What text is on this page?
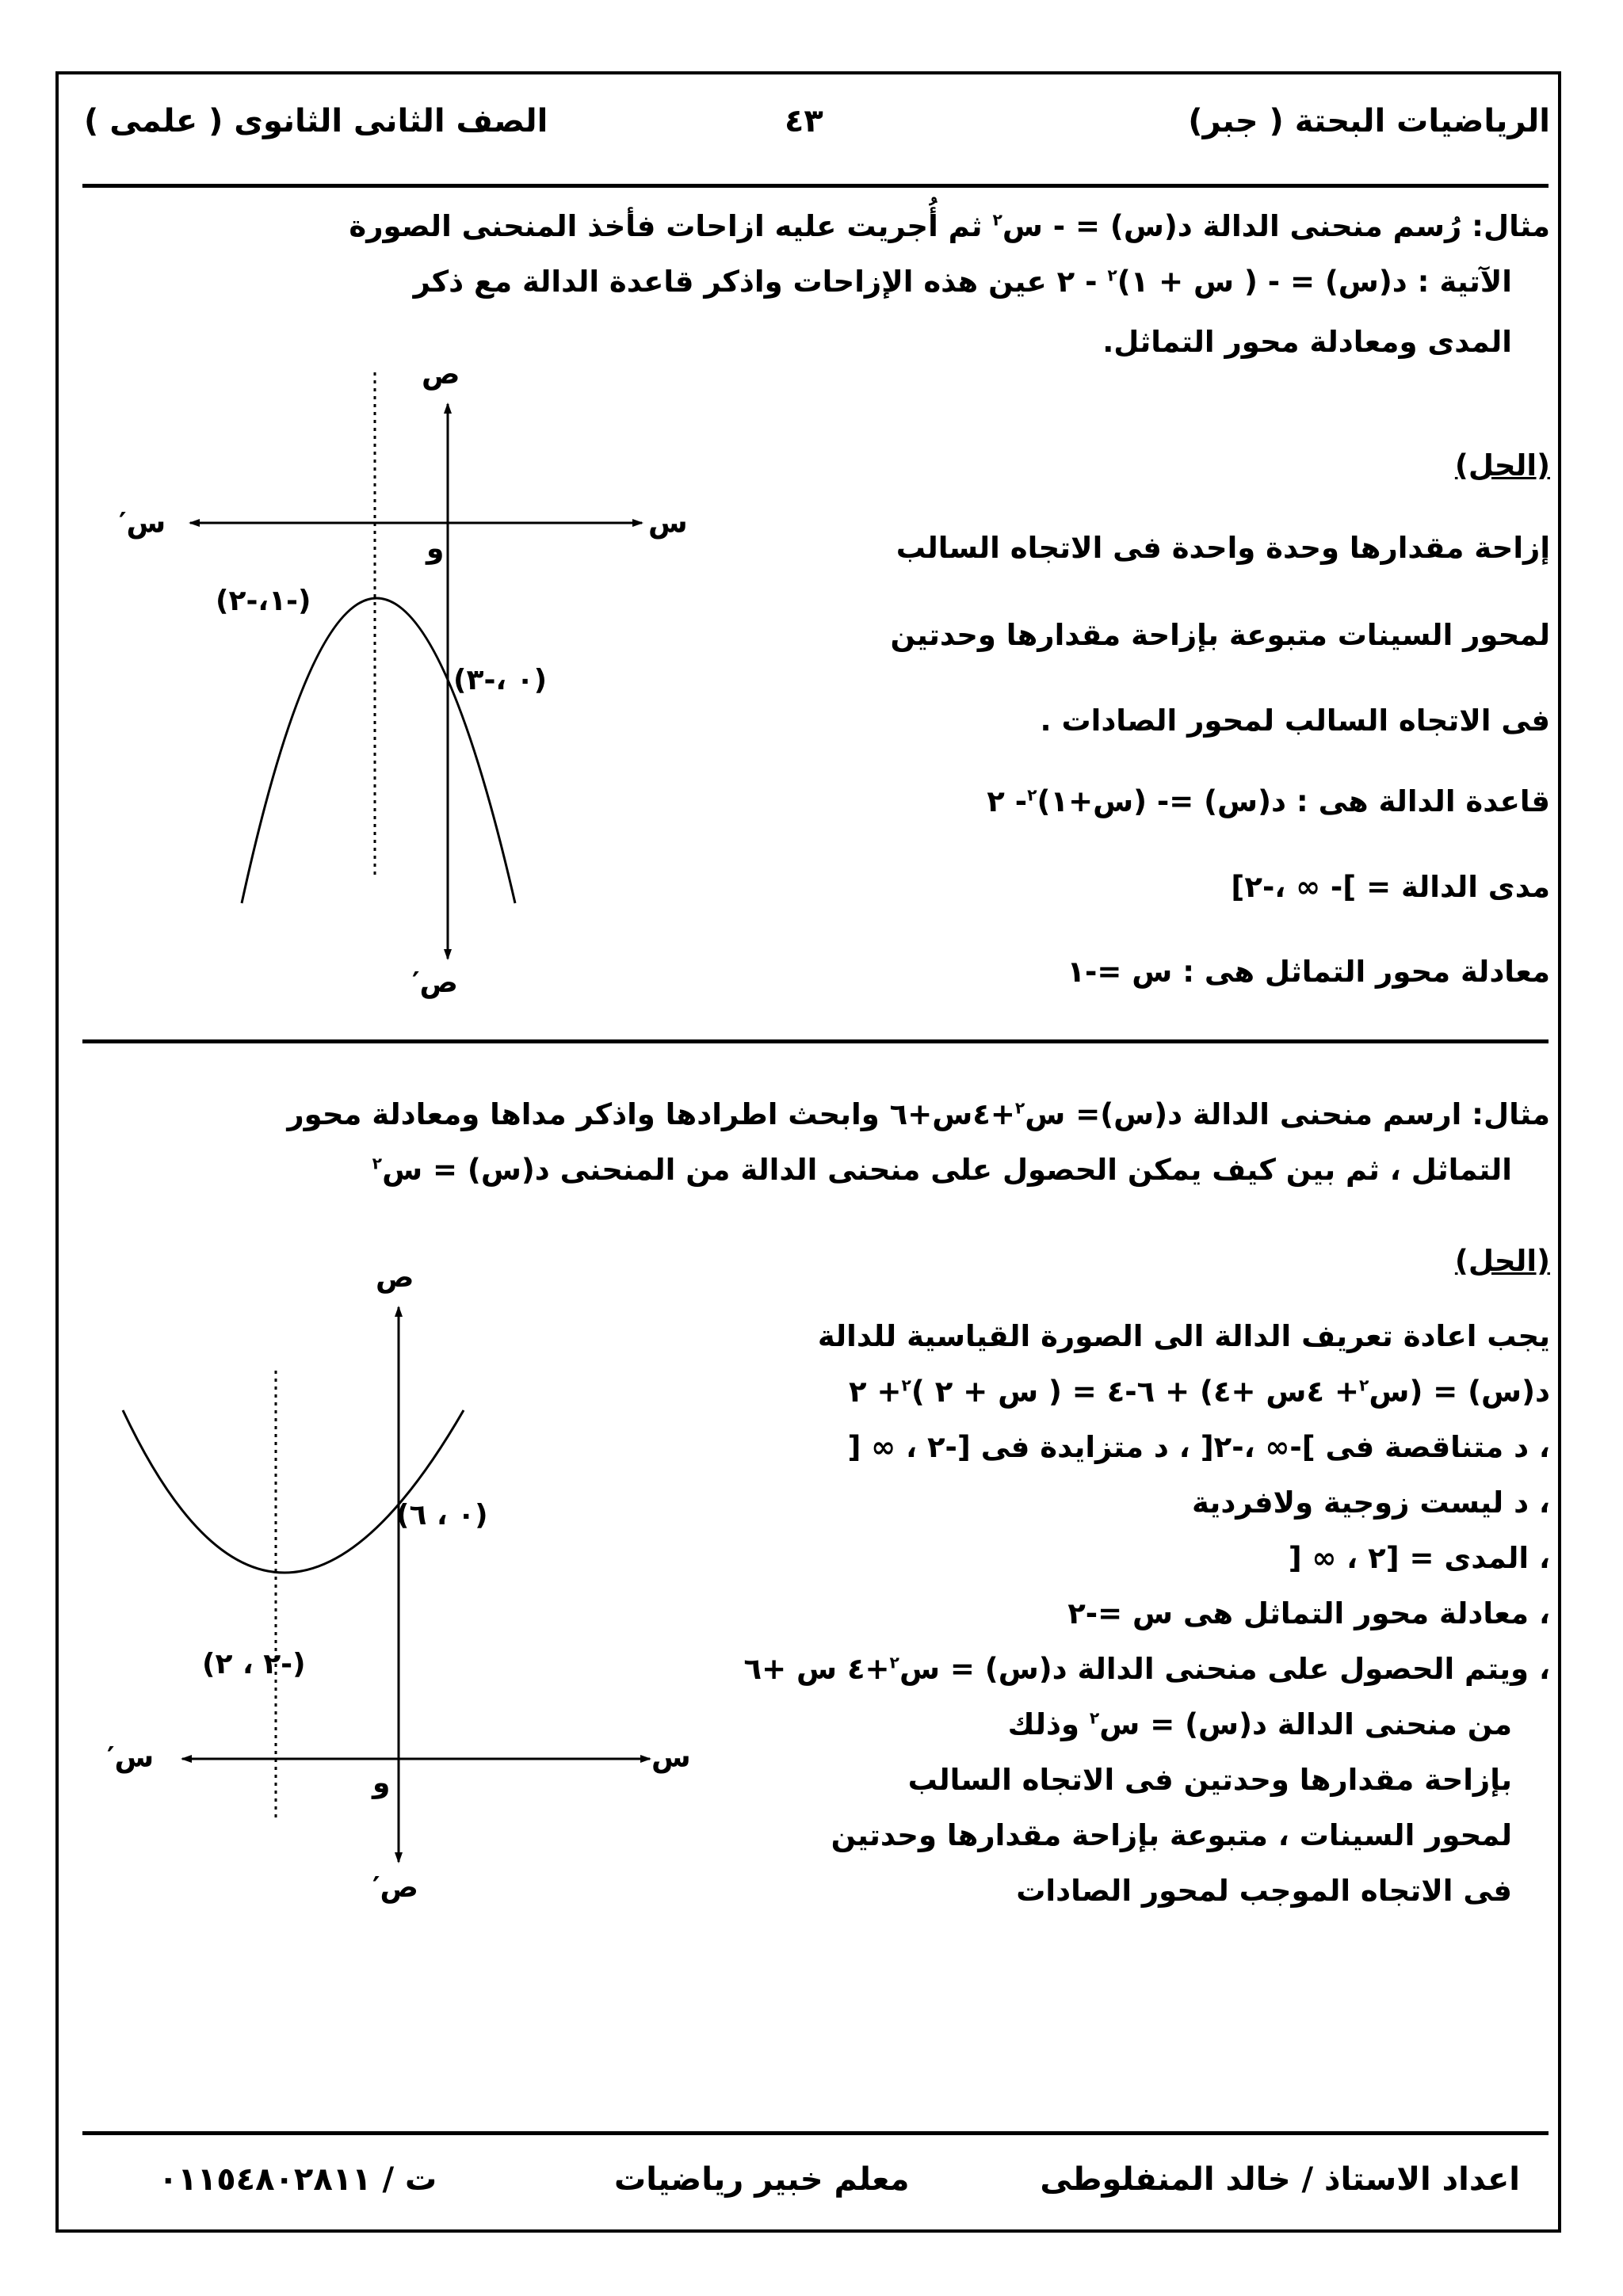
الرياضيات البحتة ( جبر)
٤٣
الصف الثانى الثانوى ( علمى )
مثال: رُسم منحنى الدالة د(س) = - س$^٢$ ثم أُجريت عليه ازاحات فأخذ المنحنى الصورة
الآتية : د(س) = - ( س + ١)$^٢$ - ٢ عين هذه الإزاحات واذكر قاعدة الدالة مع ذكر
المدى ومعادلة محور التماثل.
(الحل)
إزاحة مقدارها وحدة واحدة فى الاتجاه السالب
لمحور السينات متبوعة بإزاحة مقدارها وحدتين
فى الاتجاه السالب لمحور الصادات .
قاعدة الدالة هى : د(س) =- (س+١)$^٢$- ٢
مدى الدالة = ]- ∞ ،-٢]
معادلة محور التماثل هى : س =-١
ص
ص′
س
س′
و
(-١،-٢)
(٠ ،-٣)
مثال: ارسم منحنى الدالة د(س)= س$^٢$+٤س+٦ وابحث اطرادها واذكر مداها ومعادلة محور
التماثل ، ثم بين كيف يمكن الحصول على منحنى الدالة من المنحنى د(س) = س$^٢$
(الحل)
يجب اعادة تعريف الدالة الى الصورة القياسية للدالة
د(س) = (س$^٢$+ ٤س +٤) + ٦-٤ = ( س + ٢ )$^٢$+ ٢
، د متناقصة فى ]-∞ ،-٢[ ، د متزايدة فى [-٢ ، ∞ [
، د ليست زوجية ولافردية
، المدى = [٢ ، ∞ [
، معادلة محور التماثل هى س =-٢
، ويتم الحصول على منحنى الدالة د(س) = س$^٢$+٤ س +٦
من منحنى الدالة د(س) = س$^٢$ وذلك
بإزاحة مقدارها وحدتين فى الاتجاه السالب
لمحور السينات ، متبوعة بإزاحة مقدارها وحدتين
فى الاتجاه الموجب لمحور الصادات
ص
ص′
س
س′
و
(-٢ ، ٢)
(٠ ، ٦)
اعداد الاستاذ / خالد المنفلوطى
معلم خبير رياضيات
ت / ٠١١٥٤٨٠٢٨١١
